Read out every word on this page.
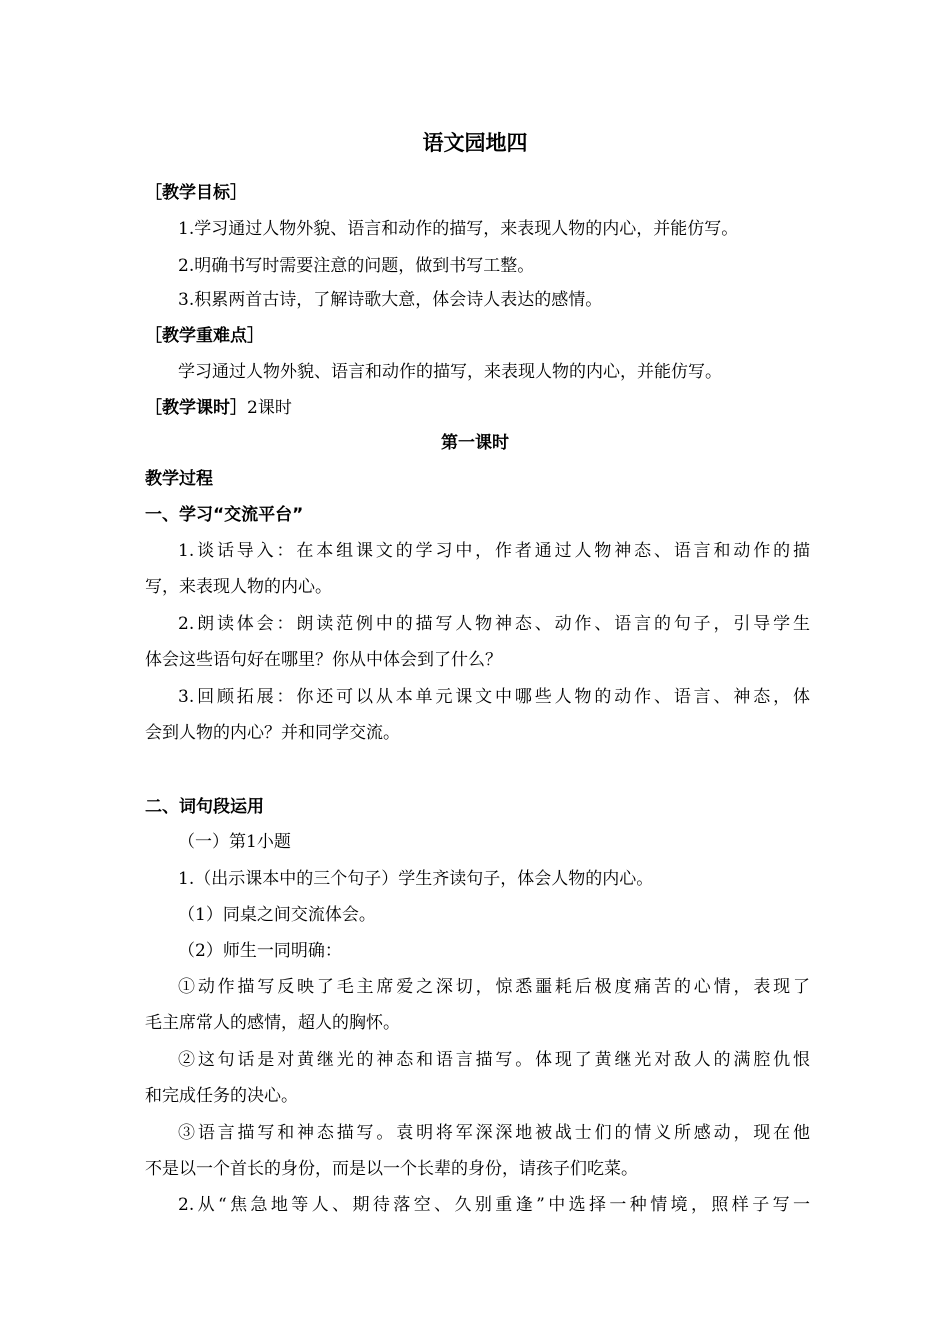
语文园地四
［教学目标］
1.学习通过人物外貌、语言和动作的描写，来表现人物的内心，并能仿写。
2.明确书写时需要注意的问题，做到书写工整。
3.积累两首古诗，了解诗歌大意，体会诗人表达的感情。
［教学重难点］
学习通过人物外貌、语言和动作的描写，来表现人物的内心，并能仿写。
［教学课时］2课时
第一课时
教学过程
一、学习“交流平台”
1.谈话导入：在本组课文的学习中，作者通过人物神态、语言和动作的描
写，来表现人物的内心。
2.朗读体会：朗读范例中的描写人物神态、动作、语言的句子，引导学生
体会这些语句好在哪里？你从中体会到了什么？
3.回顾拓展：你还可以从本单元课文中哪些人物的动作、语言、神态，体
会到人物的内心？并和同学交流。
二、词句段运用
（一）第1小题
1.（出示课本中的三个句子）学生齐读句子，体会人物的内心。
（1）同桌之间交流体会。
（2）师生一同明确：
①动作描写反映了毛主席爱之深切，惊悉噩耗后极度痛苦的心情，表现了
毛主席常人的感情，超人的胸怀。
②这句话是对黄继光的神态和语言描写。体现了黄继光对敌人的满腔仇恨
和完成任务的决心。
③语言描写和神态描写。袁明将军深深地被战士们的情义所感动，现在他
不是以一个首长的身份，而是以一个长辈的身份，请孩子们吃菜。
2.从“焦急地等人、期待落空、久别重逢”中选择一种情境，照样子写一
